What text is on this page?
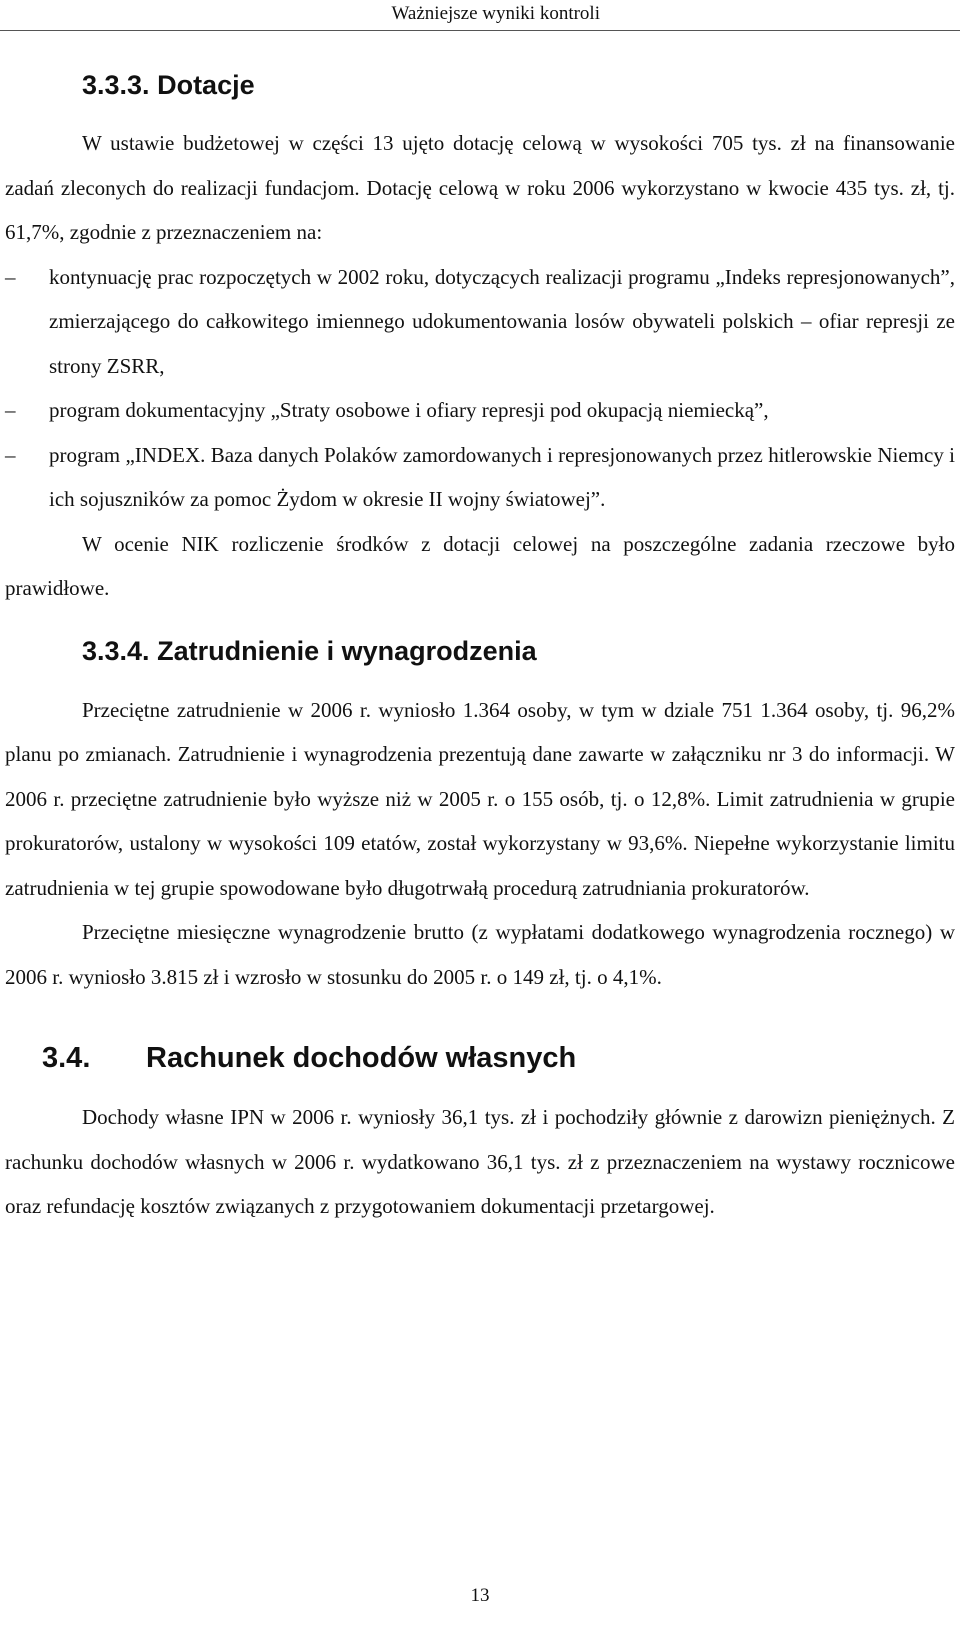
Ważniejsze wyniki kontroli
3.3.3. Dotacje

W ustawie budżetowej w części 13 ujęto dotację celową w wysokości 705 tys. zł na finansowanie zadań zleconych do realizacji fundacjom. Dotację celową w roku 2006 wykorzystano w kwocie 435 tys. zł, tj. 61,7%, zgodnie z przeznaczeniem na:

–	kontynuację prac rozpoczętych w 2002 roku, dotyczących realizacji programu „Indeks represjonowanych”, zmierzającego do całkowitego imiennego udokumentowania losów obywateli polskich – ofiar represji ze strony ZSRR,
–	program dokumentacyjny „Straty osobowe i ofiary represji pod okupacją niemiecką”,
–	program „INDEX. Baza danych Polaków zamordowanych i represjonowanych przez hitlerowskie Niemcy i ich sojuszników za pomoc Żydom w okresie II wojny światowej”.

W ocenie NIK rozliczenie środków z dotacji celowej na poszczególne zadania rzeczowe było prawidłowe.

3.3.4. Zatrudnienie i wynagrodzenia

Przeciętne zatrudnienie w 2006 r. wyniosło 1.364 osoby, w tym w dziale 751 1.364 osoby, tj. 96,2% planu po zmianach. Zatrudnienie i wynagrodzenia prezentują dane zawarte w załączniku nr 3 do informacji. W 2006 r. przeciętne zatrudnienie było wyższe niż w 2005 r. o 155 osób, tj. o 12,8%. Limit zatrudnienia w grupie prokuratorów, ustalony w wysokości 109 etatów, został wykorzystany w 93,6%. Niepełne wykorzystanie limitu zatrudnienia w tej grupie spowodowane było długotrwałą procedurą zatrudniania prokuratorów.

Przeciętne miesięczne wynagrodzenie brutto (z wypłatami dodatkowego wynagrodzenia rocznego) w 2006 r. wyniosło 3.815 zł i wzrosło w stosunku do 2005 r. o 149 zł, tj. o 4,1%.

3.4. Rachunek dochodów własnych

Dochody własne IPN w 2006 r. wyniosły 36,1 tys. zł i pochodziły głównie z darowizn pieniężnych. Z rachunku dochodów własnych w 2006 r. wydatkowano 36,1 tys. zł z przeznaczeniem na wystawy rocznicowe oraz refundację kosztów związanych z przygotowaniem dokumentacji przetargowej.

13
